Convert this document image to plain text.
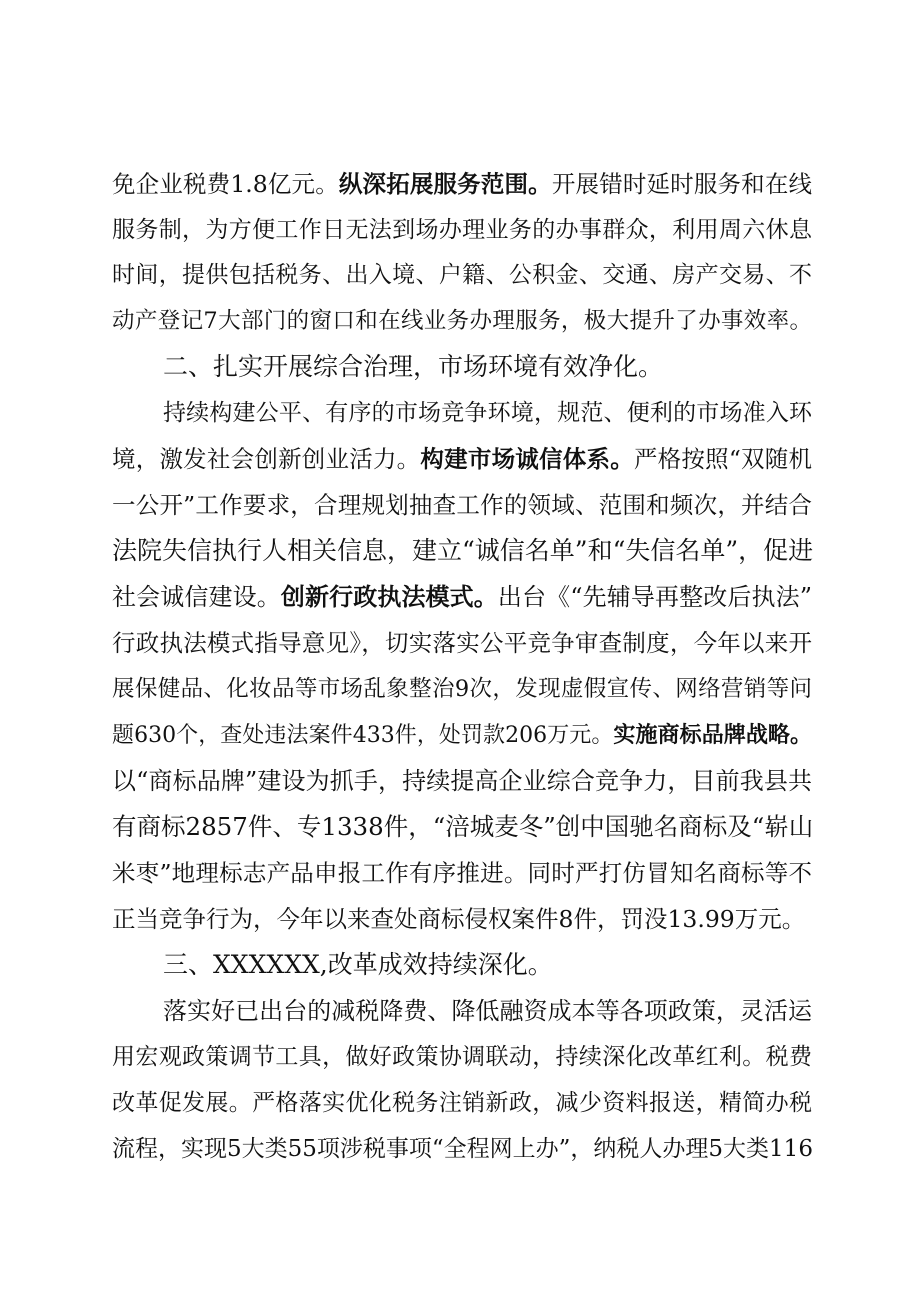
免企业税费1.8亿元。纵深拓展服务范围。开展错时延时服务和在线
服务制，为方便工作日无法到场办理业务的办事群众，利用周六休息
时间，提供包括税务、出入境、户籍、公积金、交通、房产交易、不
动产登记7大部门的窗口和在线业务办理服务，极大提升了办事效率。
二、扎实开展综合治理，市场环境有效净化。
持续构建公平、有序的市场竞争环境，规范、便利的市场准入环
境，激发社会创新创业活力。构建市场诚信体系。严格按照“双随机
一公开”工作要求，合理规划抽查工作的领域、范围和频次，并结合
法院失信执行人相关信息，建立“诚信名单”和“失信名单”，促进
社会诚信建设。创新行政执法模式。出台《“先辅导再整改后执法”
行政执法模式指导意见》，切实落实公平竞争审查制度，今年以来开
展保健品、化妆品等市场乱象整治9次，发现虚假宣传、网络营销等问
题630个，查处违法案件433件，处罚款206万元。实施商标品牌战略。
以“商标品牌”建设为抓手，持续提高企业综合竞争力，目前我县共
有商标2857件、专1338件，“涪城麦冬”创中国驰名商标及“崭山
米枣”地理标志产品申报工作有序推进。同时严打仿冒知名商标等不
正当竞争行为，今年以来查处商标侵权案件8件，罚没13.99万元。
三、XXXXXX,改革成效持续深化。
落实好已出台的减税降费、降低融资成本等各项政策，灵活运
用宏观政策调节工具，做好政策协调联动，持续深化改革红利。税费
改革促发展。严格落实优化税务注销新政，减少资料报送，精简办税
流程，实现5大类55项涉税事项“全程网上办”，纳税人办理5大类116
